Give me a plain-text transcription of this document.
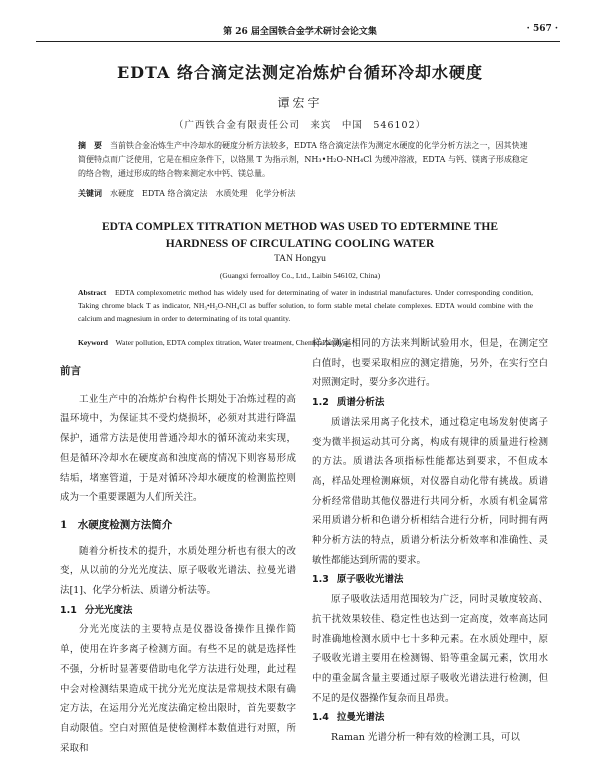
第 26 届全国铁合金学术研讨会论文集	· 567 ·
EDTA 络合滴定法测定冶炼炉台循环冷却水硬度
谭宏宇
（广西铁合金有限责任公司　来宾　中国　546102）
摘　要　当前铁合金冶炼生产中冷却水的硬度分析方法较多，EDTA 络合滴定法作为测定水硬度的化学分析方法之一，因其快速简便特点而广泛使用，它是在相应条件下，以铬黑 T 为指示剂，NH₃•H₂O-NH₄Cl 为缓冲溶液，EDTA 与钙、镁离子形成稳定的络合物，通过形成的络合物来测定水中钙、镁总量。
关键词　水硬度　EDTA 络合滴定法　水质处理　化学分析法
EDTA COMPLEX TITRATION METHOD WAS USED TO EDTERMINE THE
HARDNESS OF CIRCULATING COOLING WATER
TAN Hongyu
(Guangxi ferroalloy Co., Ltd., Laibin 546102, China)
Abstract　EDTA complexometric method has widely used for determinating of water in industrial manufactures. Under corresponding condition, Taking chrome black T as indicator, NH₃•H₂O-NH₄Cl as buffer solution, to form stable metal chelate complexes. EDTA would combine with the calcium and magnesium in order to determinating of its total quantity.
Keyword　Water pollution, EDTA complex titration, Water treatment, Chemical analysis
前言

工业生产中的冶炼炉台构件长期处于冶炼过程的高温环境中，为保证其不受灼烧损坏，必须对其进行降温保护，通常方法是使用普通冷却水的循环流动来实现，但是循环冷却水在硬度高和浊度高的情况下则容易形成结垢，堵塞管道，于是对循环冷却水硬度的检测监控则成为一个重要课题为人们所关注。

1　水硬度检测方法简介

随着分析技术的提升，水质处理分析也有很大的改变，从以前的分光光度法、原子吸收光谱法、拉曼光谱法[1]、化学分析法、质谱分析法等。

1.1 分光光度法

分光光度法的主要特点是仪器设备操作且操作简单，使用在许多离子检测方面。有些不足的就是选择性不强，分析时显著要借助电化学方法进行处理，此过程中会对检测结果造成干扰分光光度法是常规技术限有确定方法，在运用分光光度法确定检出限时，首先要数字自动限值。空白对照值是使检测样本数值进行对照，所采取和

样本测定相同的方法来判断试验用水，但是，在测定空白值时，也要采取相应的测定措施，另外，在实行空白对照测定时，要分多次进行。

1.2 质谱分析法

质谱法采用离子化技术，通过稳定电场发射使离子变为微半损运动其可分离，构成有规律的质量进行检测的方法。质谱法各项指标性能都达到要求，不但成本高，样品处理检测麻烦，对仪器自动化带有挑战。质谱分析经常借助其他仪器进行共同分析，水质有机金属常采用质谱分析和色谱分析相结合进行分析，同时拥有两种分析方法的特点，质谱分析法分析效率和准确性、灵敏性都能达到所需的要求。

1.3 原子吸收光谱法

原子吸收法适用范围较为广泛，同时灵敏度较高、抗干扰效果较佳、稳定性也达到一定高度，效率高达同时准确地检测水质中七十多种元素。在水质处理中，原子吸收光谱主要用在检测锡、铅等重金属元素，饮用水中的重金属含量主要通过原子吸收光谱法进行检测，但不足的是仪器操作复杂而且昂贵。

1.4 拉曼光谱法

Raman 光谱分析一种有效的检测工具，可以
